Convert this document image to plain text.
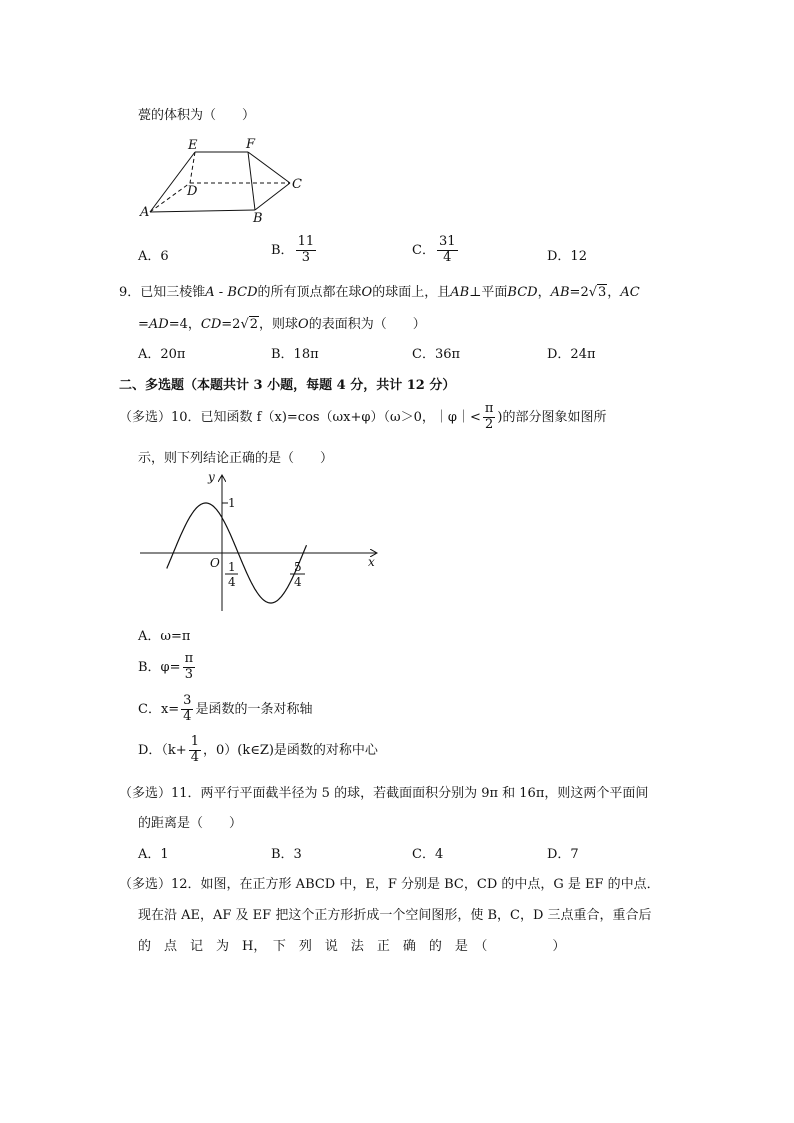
甍的体积为（　　）
E	F
D	C
A	B
A．6	B． $\frac{11}{3}$	C． $\frac{31}{4}$	D．12
9．已知三棱锥A - BCD的所有顶点都在球O的球面上，且AB⊥平面BCD，AB=2√3，AC
=AD=4，CD=2√2，则球O的表面积为（　　）
A．20π	B．18π	C．36π	D．24π
二、多选题（本题共计 3 小题，每题 4 分，共计 12 分）
（多选）10．已知函数 f（x)=cos（ωx+φ）（ω＞0，｜φ｜< $\frac{\pi}{2}$ )的部分图象如图所
示，则下列结论正确的是（　　）
y
x
O
1
1
4
5
4
A．ω=π
B．$\varphi= \frac{\pi}{3}$
C．$x= \frac{3}{4}$ 是函数的一条对称轴
D．（$k+ \frac{1}{4}$ ，0）(k∈Z)是函数的对称中心
（多选）11．两平行平面截半径为 5 的球，若截面面积分别为 9π 和 16π，则这两个平面间
的距离是（　　）
A．1	B．3	C．4	D．7
（多选）12．如图，在正方形 ABCD 中，E，F 分别是 BC，CD 的中点，G 是 EF 的中点．
现在沿 AE，AF 及 EF 把这个正方形折成一个空间图形，使 B，C，D 三点重合，重合后
的　点　记　为　H，　下　列　说　法　正　确　的　是　（　　　　　）
